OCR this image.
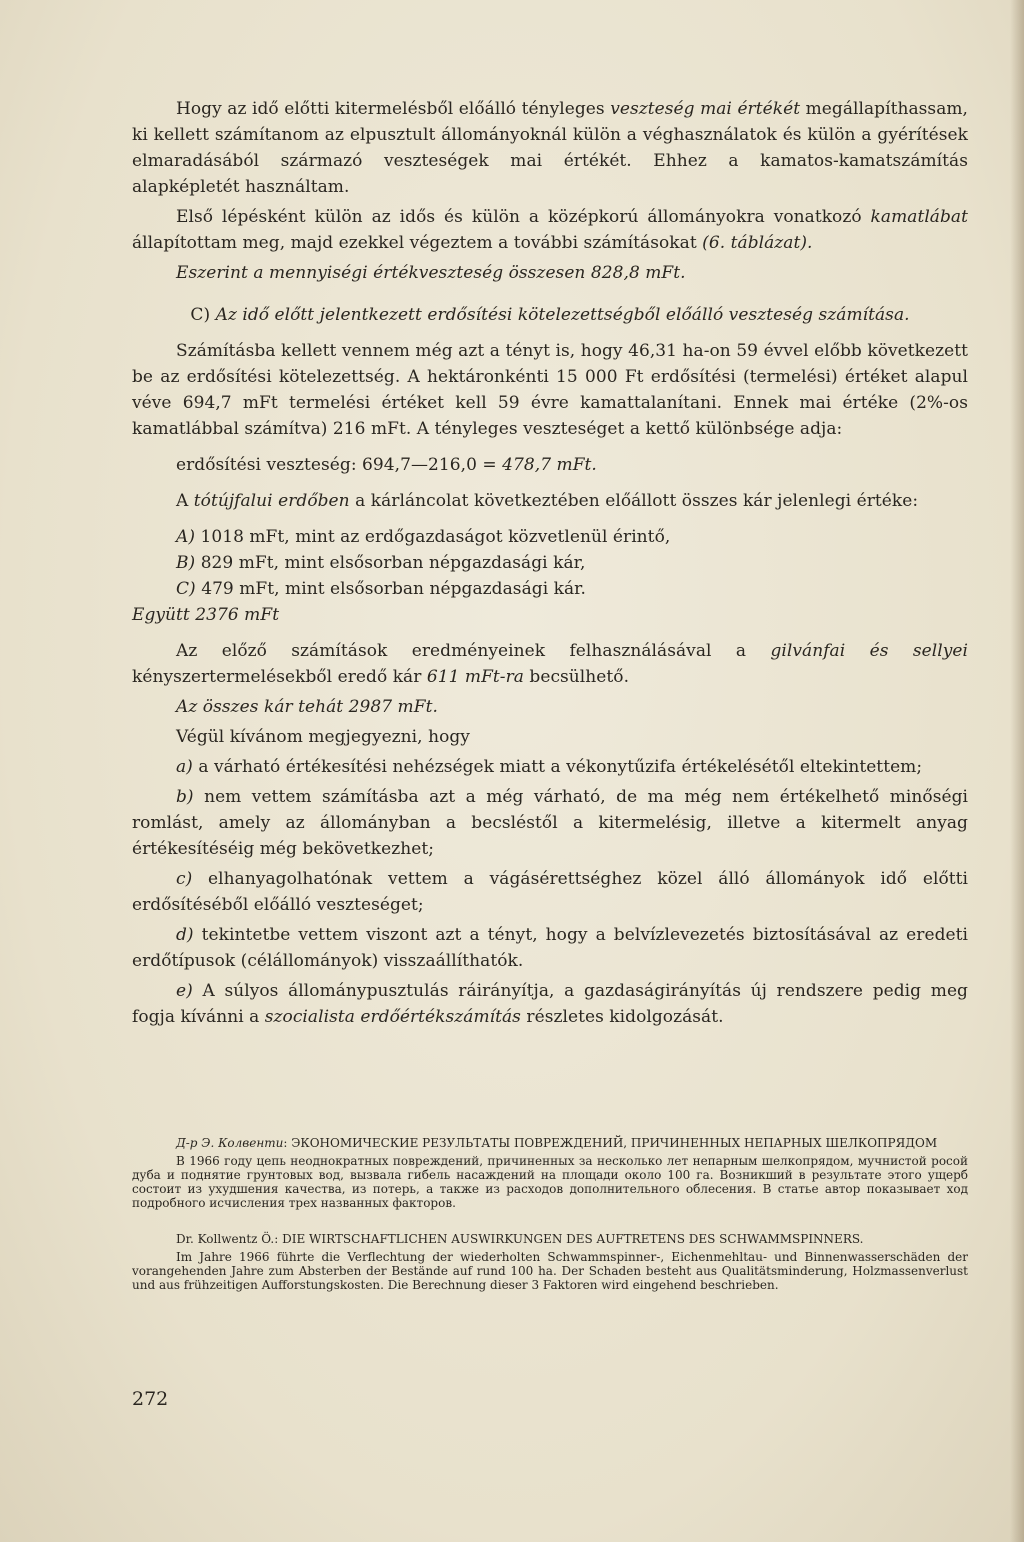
Hogy az idő előtti kitermelésből előálló tényleges veszteség mai értékét megállapíthassam, ki kellett számítanom az elpusztult állományoknál külön a véghasználatok és külön a gyérítések elmaradásából származó veszteségek mai értékét. Ehhez a kamatos-kamatszámítás alapképletét használtam.

Első lépésként külön az idős és külön a középkorú állományokra vonatkozó kamatlábat állapítottam meg, majd ezekkel végeztem a további számításokat (6. táblázat).

Eszerint a mennyiségi értékveszteség összesen 828,8 mFt.

C) Az idő előtt jelentkezett erdősítési kötelezettségből előálló veszteség számítása.

Számításba kellett vennem még azt a tényt is, hogy 46,31 ha-on 59 évvel előbb következett be az erdősítési kötelezettség. A hektáronkénti 15 000 Ft erdősítési (termelési) értéket alapul véve 694,7 mFt termelési értéket kell 59 évre kamattalanítani. Ennek mai értéke (2%-os kamatlábbal számítva) 216 mFt. A tényleges veszteséget a kettő különbsége adja:

erdősítési veszteség: 694,7—216,0 = 478,7 mFt.

A tótújfalui erdőben a kárláncolat következtében előállott összes kár jelenlegi értéke:

A) 1018 mFt, mint az erdőgazdaságot közvetlenül érintő,

B) 829 mFt, mint elsősorban népgazdasági kár,

C) 479 mFt, mint elsősorban népgazdasági kár.

Együtt 2376 mFt

Az előző számítások eredményeinek felhasználásával a gilvánfai és sellyei kényszertermelésekből eredő kár 611 mFt-ra becsülhető.

Az összes kár tehát 2987 mFt.

Végül kívánom megjegyezni, hogy

a) a várható értékesítési nehézségek miatt a vékonytűzifa értékelésétől eltekintettem;

b) nem vettem számításba azt a még várható, de ma még nem értékelhető minőségi romlást, amely az állományban a becsléstől a kitermelésig, illetve a kitermelt anyag értékesítéséig még bekövetkezhet;

c) elhanyagolhatónak vettem a vágásérettséghez közel álló állományok idő előtti erdősítéséből előálló veszteséget;

d) tekintetbe vettem viszont azt a tényt, hogy a belvízlevezetés biztosításával az eredeti erdőtípusok (célállományok) visszaállíthatók.

e) A súlyos állománypusztulás ráirányítja, a gazdaságirányítás új rendszere pedig meg fogja kívánni a szocialista erdőértékszámítás részletes kidolgozását.

Д-р Э. Колвенти: ЭКОНОМИЧЕСКИЕ РЕЗУЛЬТАТЫ ПОВРЕЖДЕНИЙ, ПРИЧИНЕННЫХ НЕПАРНЫХ ШЕЛКОПРЯДОМ

В 1966 году цепь неоднократных повреждений, причиненных за несколько лет непарным шелкопрядом, мучнистой росой дуба и поднятие грунтовых вод, вызвала гибель насаждений на площади около 100 га. Возникший в результате этого ущерб состоит из ухудшения качества, из потерь, а также из расходов дополнительного облесения. В статье автор показывает ход подробного исчисления трех названных факторов.

Dr. Kollwentz Ö.: DIE WIRTSCHAFTLICHEN AUSWIRKUNGEN DES AUFTRETENS DES SCHWAMMSPINNERS.

Im Jahre 1966 führte die Verflechtung der wiederholten Schwammspinner-, Eichenmehltau- und Binnenwasserschäden der vorangehenden Jahre zum Absterben der Bestände auf rund 100 ha. Der Schaden besteht aus Qualitätsminderung, Holzmassenverlust und aus frühzeitigen Aufforstungskosten. Die Berechnung dieser 3 Faktoren wird eingehend beschrieben.

272
